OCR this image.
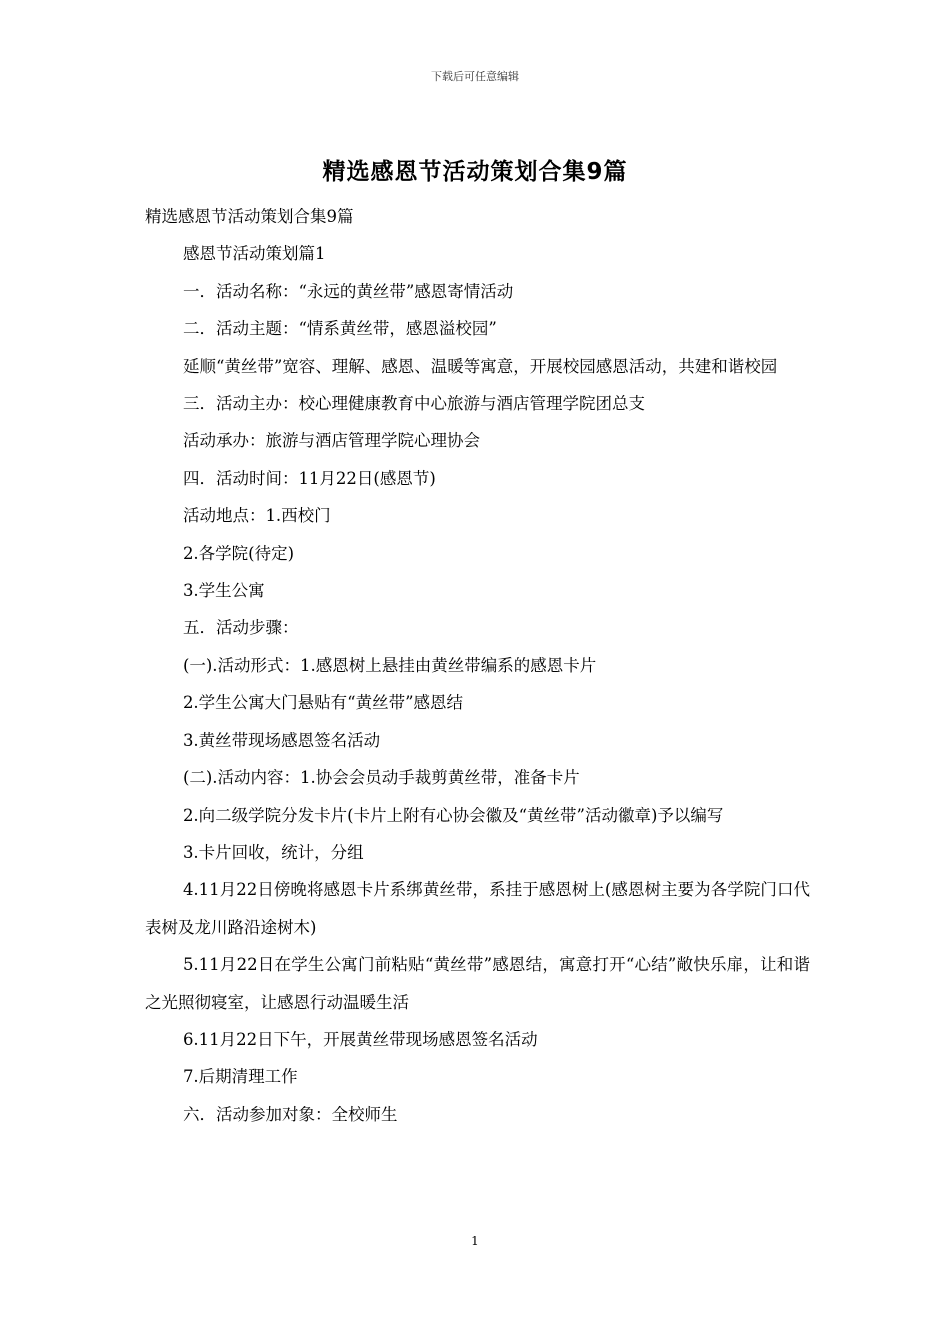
下载后可任意编辑
精选感恩节活动策划合集9篇

精选感恩节活动策划合集9篇

感恩节活动策划篇1

一．活动名称：“永远的黄丝带”感恩寄情活动

二．活动主题：“情系黄丝带，感恩溢校园”

延顺“黄丝带”宽容、理解、感恩、温暖等寓意，开展校园感恩活动，共建和谐校园

三．活动主办：校心理健康教育中心旅游与酒店管理学院团总支

活动承办：旅游与酒店管理学院心理协会

四．活动时间：11月22日(感恩节)

活动地点：1.西校门

2.各学院(待定)

3.学生公寓

五．活动步骤：

(一).活动形式：1.感恩树上悬挂由黄丝带编系的感恩卡片

2.学生公寓大门悬贴有“黄丝带”感恩结

3.黄丝带现场感恩签名活动

(二).活动内容：1.协会会员动手裁剪黄丝带，准备卡片

2.向二级学院分发卡片(卡片上附有心协会徽及“黄丝带”活动徽章)予以编写

3.卡片回收，统计，分组

4.11月22日傍晚将感恩卡片系绑黄丝带，系挂于感恩树上(感恩树主要为各学院门口代表树及龙川路沿途树木)

5.11月22日在学生公寓门前粘贴“黄丝带”感恩结，寓意打开“心结”敞快乐扉，让和谐之光照彻寝室，让感恩行动温暖生活

6.11月22日下午，开展黄丝带现场感恩签名活动

7.后期清理工作

六．活动参加对象：全校师生

1
